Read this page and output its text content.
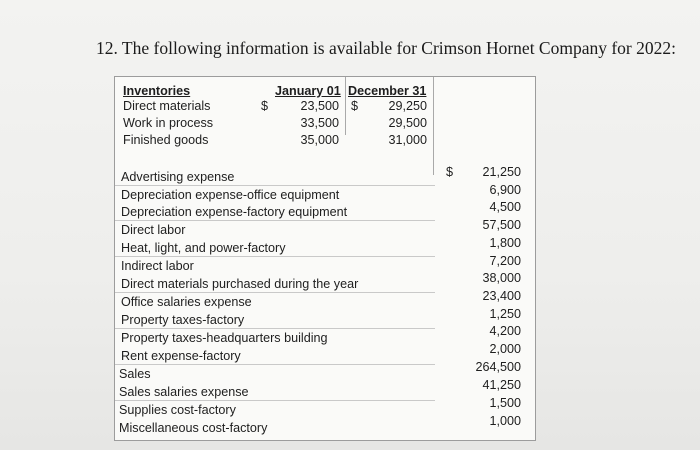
12. The following information is available for Crimson Hornet Company for 2022:
Inventories	January 01 December 31
Direct materials	$	23,500 $	29,250
Work in process	33,500	29,500
Finished goods	35,000	31,000
Advertising expense	$	21,250
Depreciation expense-office equipment	6,900
Depreciation expense-factory equipment	4,500
Direct labor	57,500
Heat, light, and power-factory	1,800
Indirect labor	7,200
Direct materials purchased during the year	38,000
Office salaries expense	23,400
Property taxes-factory	1,250
Property taxes-headquarters building	4,200
Rent expense-factory	2,000
Sales	264,500
Sales salaries expense	41,250
Supplies cost-factory	1,500
Miscellaneous cost-factory	1,000
